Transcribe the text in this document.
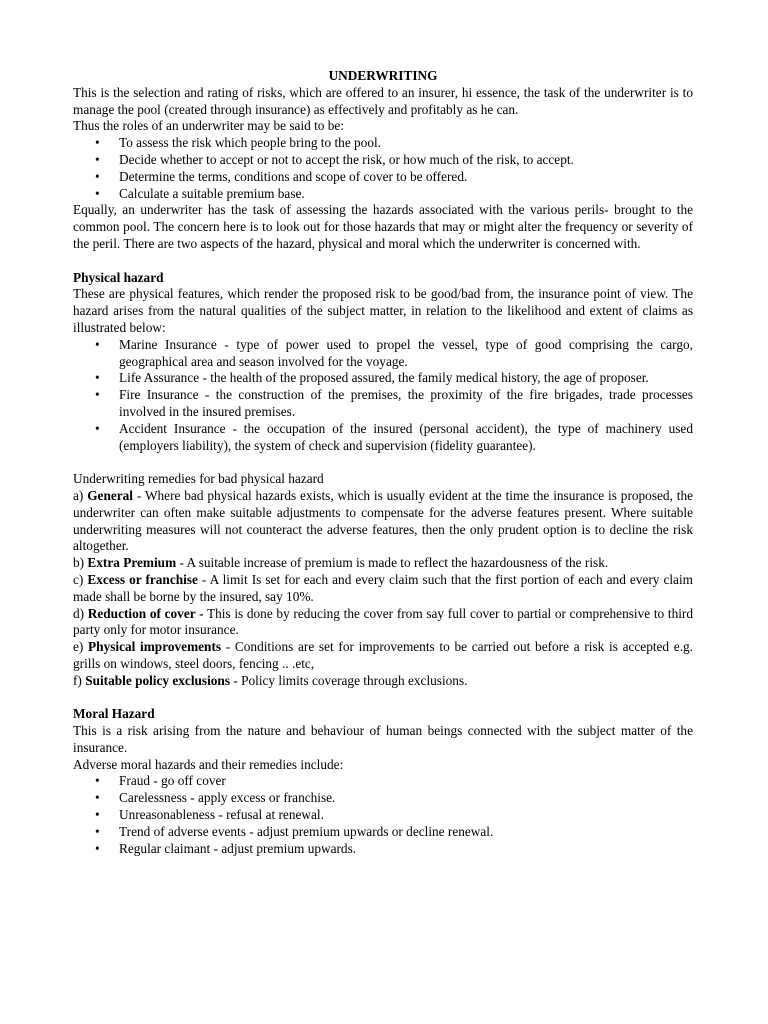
UNDERWRITING

This is the selection and rating of risks, which are offered to an insurer, hi essence, the task of the underwriter is to manage the pool (created through insurance) as effectively and profitably as he can.

Thus the roles of an underwriter may be said to be:

• To assess the risk which people bring to the pool.
• Decide whether to accept or not to accept the risk, or how much of the risk, to accept.
• Determine the terms, conditions and scope of cover to be offered.
• Calculate a suitable premium base.

Equally, an underwriter has the task of assessing the hazards associated with the various perils- brought to the common pool. The concern here is to look out for those hazards that may or might alter the frequency or severity of the peril. There are two aspects of the hazard, physical and moral which the underwriter is concerned with.

Physical hazard

These are physical features, which render the proposed risk to be good/bad from, the insurance point of view. The hazard arises from the natural qualities of the subject matter, in relation to the likelihood and extent of claims as illustrated below:

• Marine Insurance - type of power used to propel the vessel, type of good comprising the cargo, geographical area and season involved for the voyage.
• Life Assurance - the health of the proposed assured, the family medical history, the age of proposer.
• Fire Insurance - the construction of the premises, the proximity of the fire brigades, trade processes involved in the insured premises.
• Accident Insurance - the occupation of the insured (personal accident), the type of machinery used (employers liability), the system of check and supervision (fidelity guarantee).

Underwriting remedies for bad physical hazard

a) General - Where bad physical hazards exists, which is usually evident at the time the insurance is proposed, the underwriter can often make suitable adjustments to compensate for the adverse features present. Where suitable underwriting measures will not counteract the adverse features, then the only prudent option is to decline the risk altogether.

b) Extra Premium - A suitable increase of premium is made to reflect the hazardousness of the risk.

c) Excess or franchise - A limit Is set for each and every claim such that the first portion of each and every claim made shall be borne by the insured, say 10%.

d) Reduction of cover - This is done by reducing the cover from say full cover to partial or comprehensive to third party only for motor insurance.

e) Physical improvements - Conditions are set for improvements to be carried out before a risk is accepted e.g. grills on windows, steel doors, fencing .. .etc,

f) Suitable policy exclusions - Policy limits coverage through exclusions.

Moral Hazard

This is a risk arising from the nature and behaviour of human beings connected with the subject matter of the insurance.

Adverse moral hazards and their remedies include:

• Fraud - go off cover
• Carelessness - apply excess or franchise.
• Unreasonableness - refusal at renewal.
• Trend of adverse events - adjust premium upwards or decline renewal.
• Regular claimant - adjust premium upwards.
